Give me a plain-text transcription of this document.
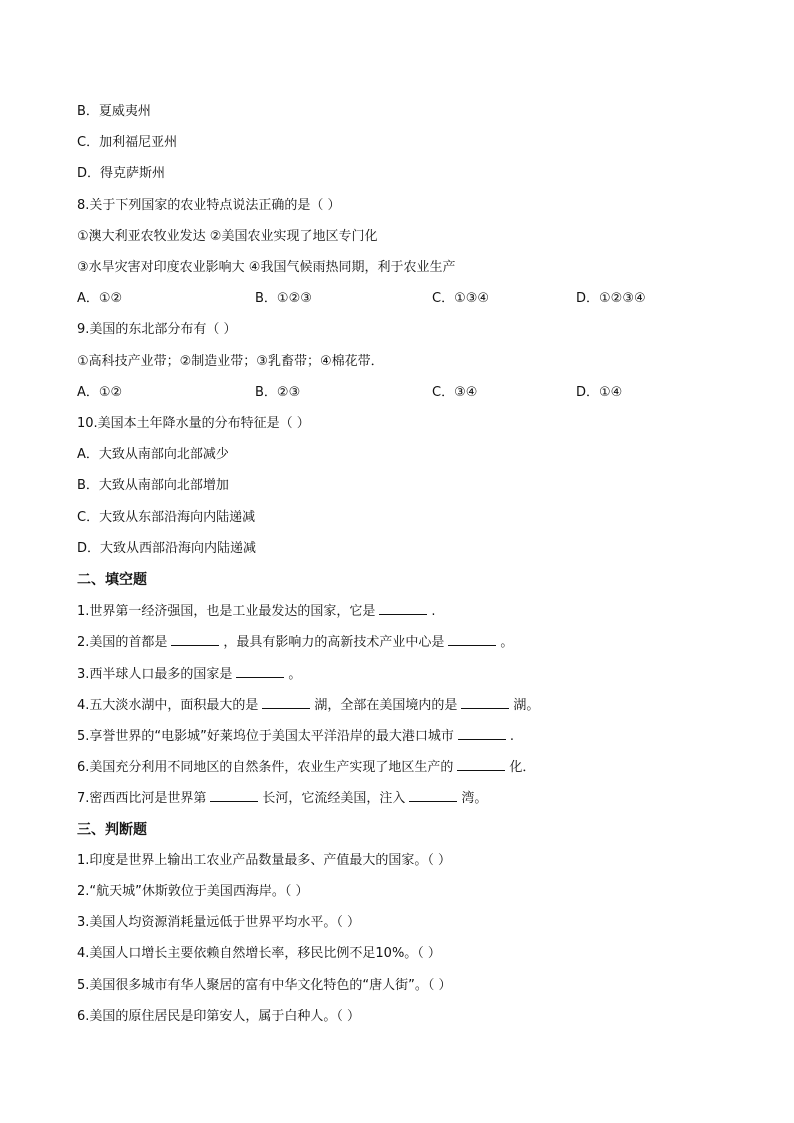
B．夏威夷州
C．加利福尼亚州
D．得克萨斯州
8.关于下列国家的农业特点说法正确的是（ ）
①澳大利亚农牧业发达 ②美国农业实现了地区专门化
③水旱灾害对印度农业影响大 ④我国气候雨热同期，利于农业生产
A．①②	B．①②③	C．①③④	D．①②③④
9.美国的东北部分布有（ ）
①高科技产业带；②制造业带；③乳畜带；④棉花带．
A．①②	B．②③	C．③④	D．①④
10.美国本土年降水量的分布特征是（ ）
A．大致从南部向北部减少
B．大致从南部向北部增加
C．大致从东部沿海向内陆递减
D．大致从西部沿海向内陆递减
二、填空题
1.世界第一经济强国，也是工业最发达的国家，它是	.
2.美国的首都是	，最具有影响力的高新技术产业中心是	。
3.西半球人口最多的国家是	。
4.五大淡水湖中，面积最大的是	湖，全部在美国境内的是	湖。
5.享誉世界的“电影城”好莱坞位于美国太平洋沿岸的最大港口城市	.
6.美国充分利用不同地区的自然条件，农业生产实现了地区生产的	化．
7.密西西比河是世界第	长河，它流经美国，注入	湾。
三、判断题
1.印度是世界上输出工农业产品数量最多、产值最大的国家。（ ）
2.“航天城”休斯敦位于美国西海岸。（ ）
3.美国人均资源消耗量远低于世界平均水平。（ ）
4.美国人口增长主要依赖自然增长率，移民比例不足10%。（ ）
5.美国很多城市有华人聚居的富有中华文化特色的“唐人街”。（ ）
6.美国的原住居民是印第安人，属于白种人。（ ）
